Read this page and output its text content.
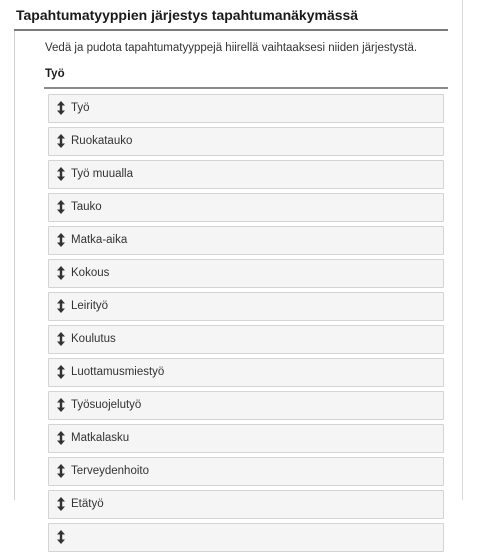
Tapahtumatyyppien järjestys tapahtumanäkymässä
Vedä ja pudota tapahtumatyyppejä hiirellä vaihtaaksesi niiden järjestystä.
Työ
Työ
Ruokatauko
Työ muualla
Tauko
Matka-aika
Kokous
Leirityö
Koulutus
Luottamusmiestyö
Työsuojelutyö
Matkalasku
Terveydenhoito
Etätyö
